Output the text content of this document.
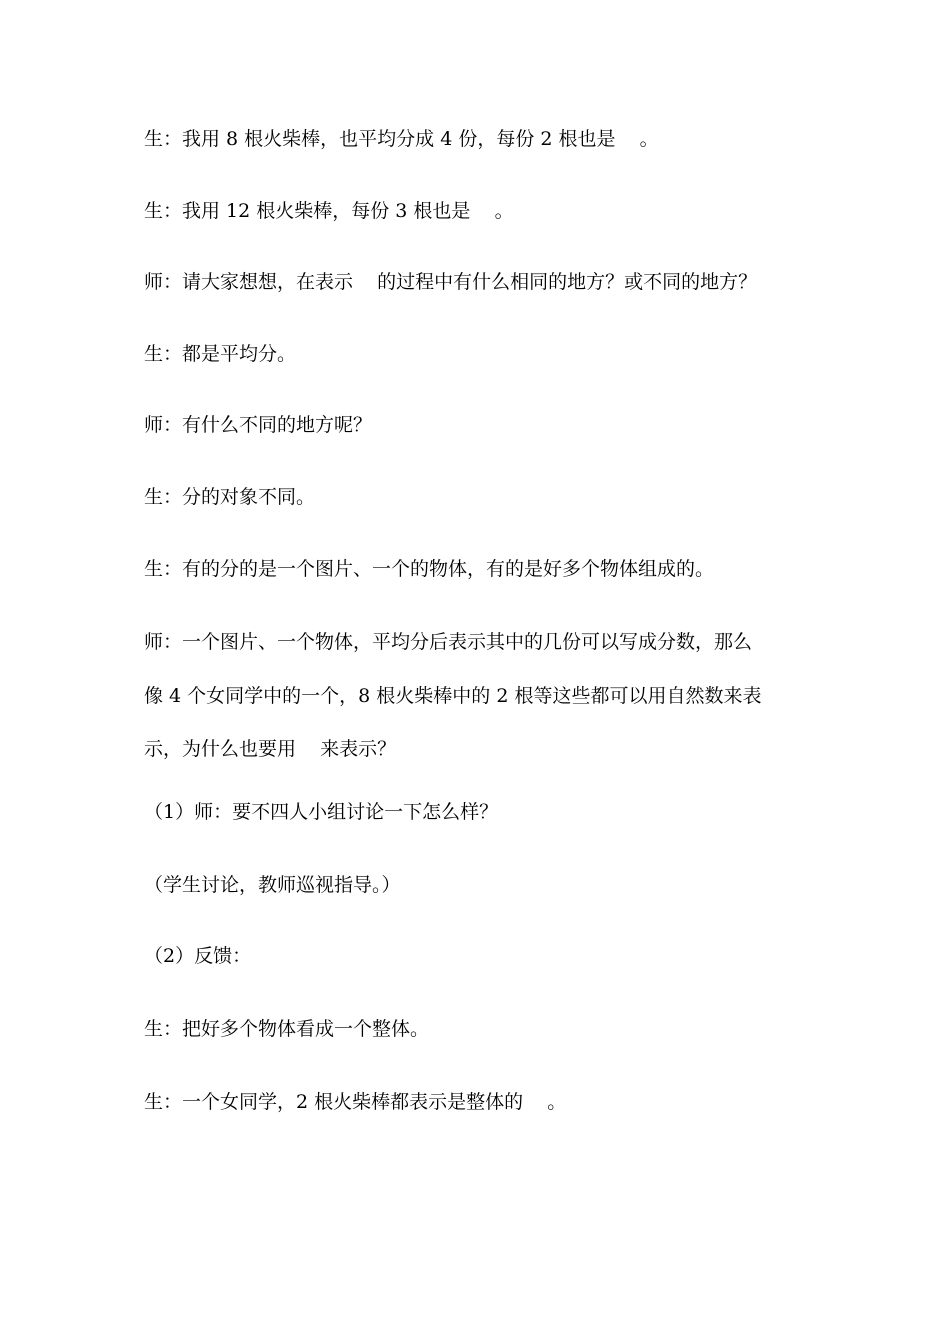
生：我用 8 根火柴棒，也平均分成 4 份，每份 2 根也是    。
生：我用 12 根火柴棒，每份 3 根也是    。
师：请大家想想，在表示    的过程中有什么相同的地方？或不同的地方？
生：都是平均分。
师：有什么不同的地方呢？
生：分的对象不同。
生：有的分的是一个图片、一个的物体，有的是好多个物体组成的。
师：一个图片、一个物体，平均分后表示其中的几份可以写成分数，那么
像 4 个女同学中的一个，8 根火柴棒中的 2 根等这些都可以用自然数来表
示，为什么也要用    来表示？
（1）师：要不四人小组讨论一下怎么样？
（学生讨论，教师巡视指导。）
（2）反馈：
生：把好多个物体看成一个整体。
生：一个女同学，2 根火柴棒都表示是整体的    。
